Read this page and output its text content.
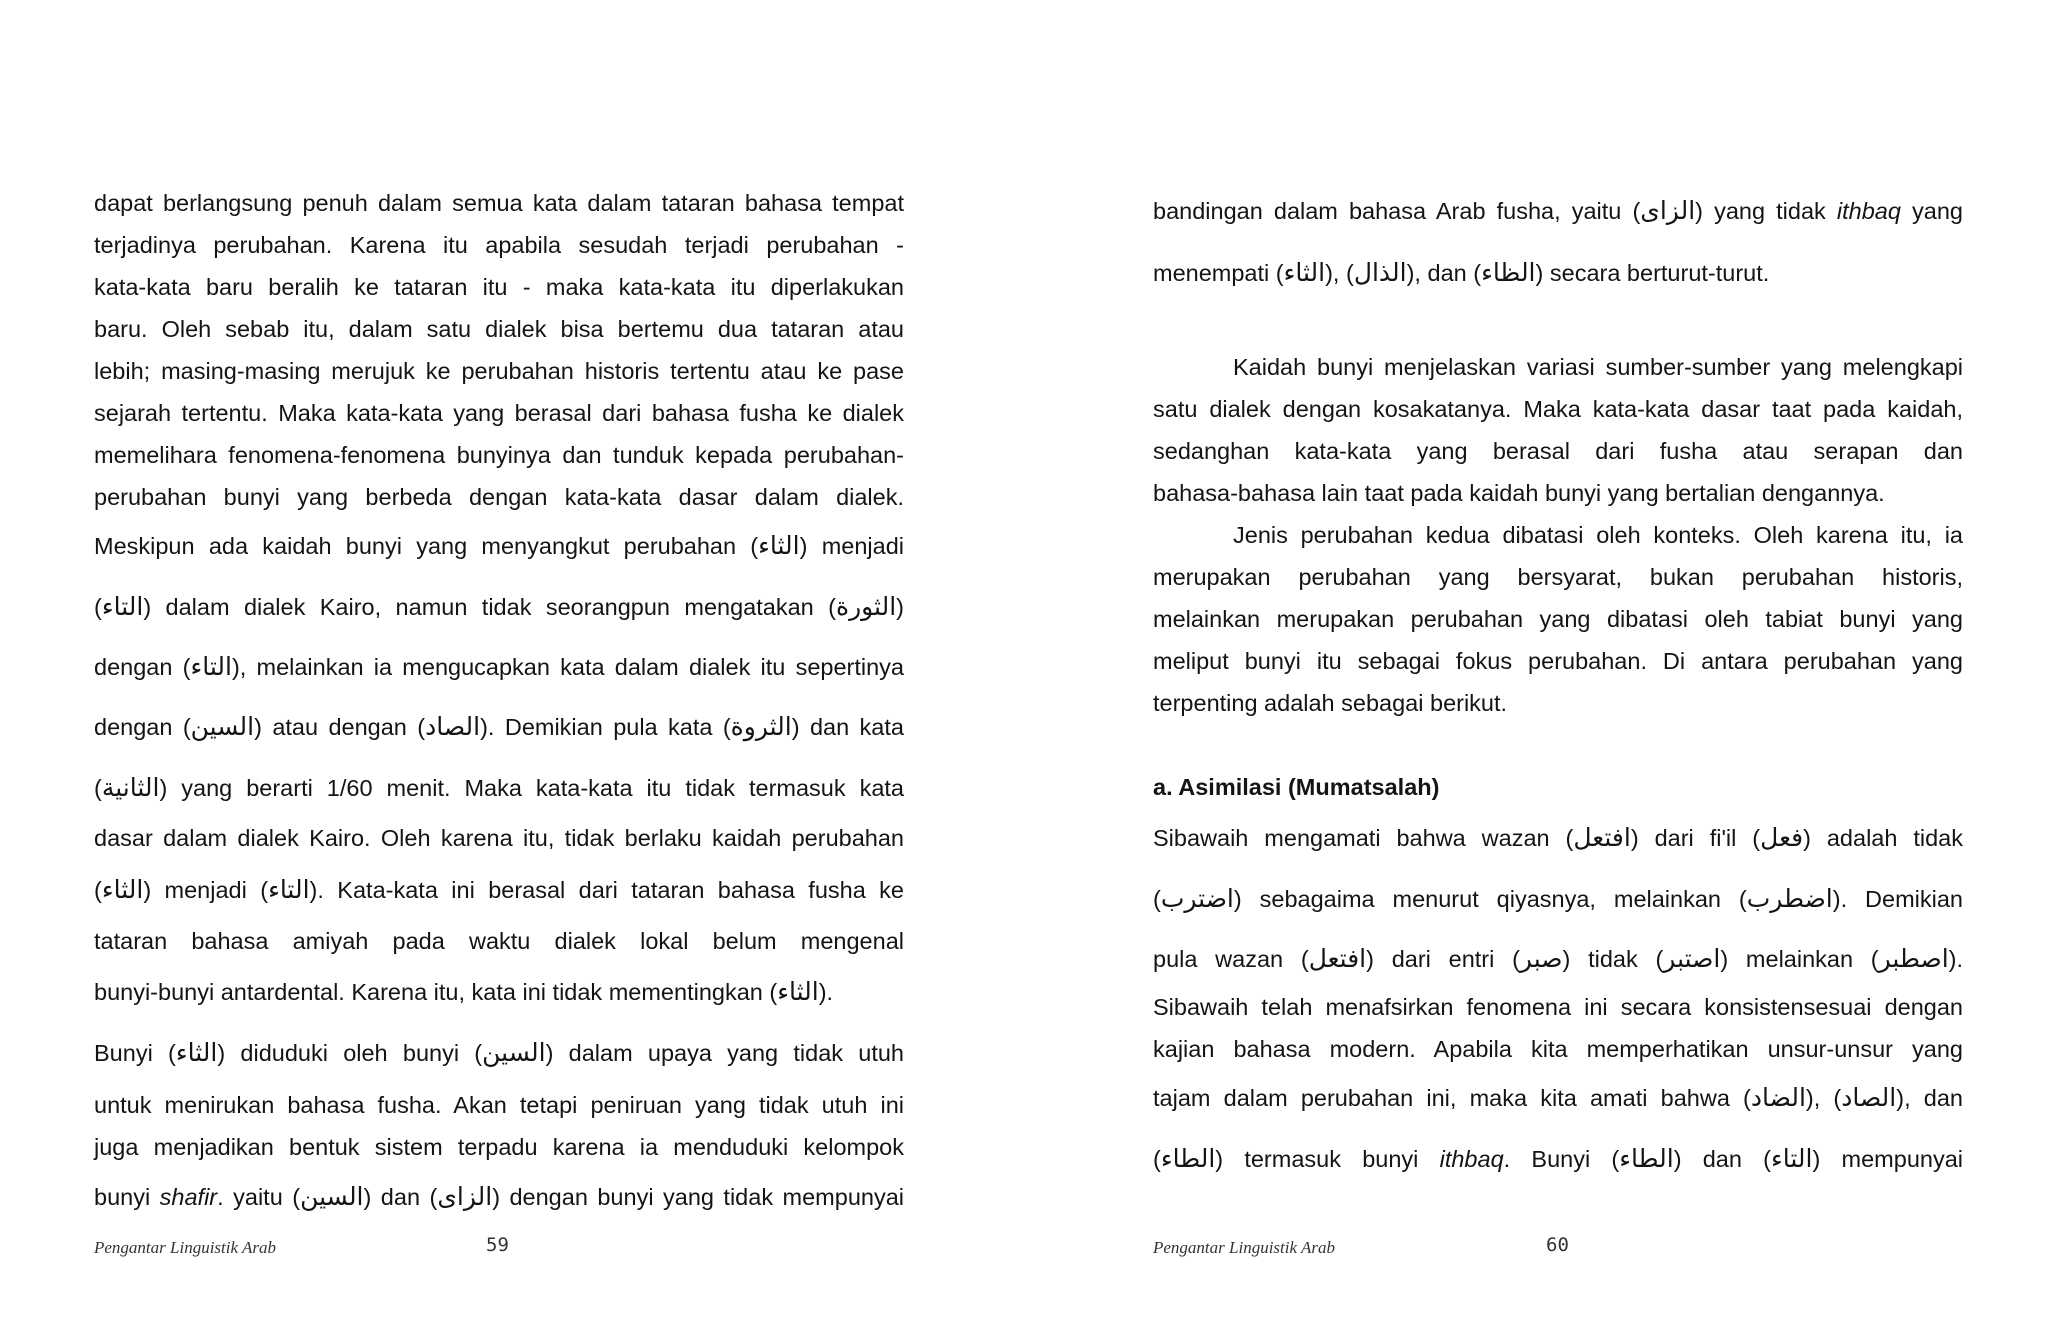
dapat berlangsung penuh dalam semua kata dalam tataran bahasa tempat
terjadinya perubahan. Karena itu apabila sesudah terjadi perubahan -
kata-kata baru beralih ke tataran itu - maka kata-kata itu diperlakukan
baru. Oleh sebab itu, dalam satu dialek bisa bertemu dua tataran atau
lebih; masing-masing merujuk ke perubahan historis tertentu atau ke pase
sejarah tertentu. Maka kata-kata yang berasal dari bahasa fusha ke dialek
memelihara fenomena-fenomena bunyinya dan tunduk kepada perubahan-
perubahan bunyi yang berbeda dengan kata-kata dasar dalam dialek.
Meskipun ada kaidah bunyi yang menyangkut perubahan (الثاء) menjadi
(التاء) dalam dialek Kairo, namun tidak seorangpun mengatakan (الثورة)
dengan (التاء), melainkan ia mengucapkan kata dalam dialek itu sepertinya
dengan (السين) atau dengan (الصاد). Demikian pula kata (الثروة) dan kata
(الثانية) yang berarti 1/60 menit. Maka kata-kata itu tidak termasuk kata
dasar dalam dialek Kairo. Oleh karena itu, tidak berlaku kaidah perubahan
(الثاء) menjadi (التاء). Kata-kata ini berasal dari tataran bahasa fusha ke
tataran bahasa amiyah pada waktu dialek lokal belum mengenal
bunyi-bunyi antardental. Karena itu, kata ini tidak mementingkan (الثاء).
Bunyi (الثاء) diduduki oleh bunyi (السين) dalam upaya yang tidak utuh
untuk menirukan bahasa fusha. Akan tetapi peniruan yang tidak utuh ini
juga menjadikan bentuk sistem terpadu karena ia menduduki kelompok
bunyi shafir. yaitu (السين) dan (الزاى) dengan bunyi yang tidak mempunyai
Pengantar Linguistik Arab	59
bandingan dalam bahasa Arab fusha, yaitu (الزاى) yang tidak ithbaq yang
menempati (الثاء), (الذال), dan (الظاء) secara berturut-turut.
Kaidah bunyi menjelaskan variasi sumber-sumber yang melengkapi
satu dialek dengan kosakatanya. Maka kata-kata dasar taat pada kaidah,
sedanghan kata-kata yang berasal dari fusha atau serapan dan
bahasa-bahasa lain taat pada kaidah bunyi yang bertalian dengannya.
Jenis perubahan kedua dibatasi oleh konteks. Oleh karena itu, ia
merupakan perubahan yang bersyarat, bukan perubahan historis,
melainkan merupakan perubahan yang dibatasi oleh tabiat bunyi yang
meliput bunyi itu sebagai fokus perubahan. Di antara perubahan yang
terpenting adalah sebagai berikut.
a. Asimilasi (Mumatsalah)
Sibawaih mengamati bahwa wazan (افتعل) dari fi'il (فعل) adalah tidak
(اضترب) sebagaima menurut qiyasnya, melainkan (اضطرب). Demikian
pula wazan (افتعل) dari entri (صبر) tidak (اصتبر) melainkan (اصطبر).
Sibawaih telah menafsirkan fenomena ini secara konsistensesuai dengan
kajian bahasa modern. Apabila kita memperhatikan unsur-unsur yang
tajam dalam perubahan ini, maka kita amati bahwa (الضاد), (الصاد), dan
(الطاء) termasuk bunyi ithbaq. Bunyi (الطاء) dan (التاء) mempunyai
Pengantar Linguistik Arab	60
